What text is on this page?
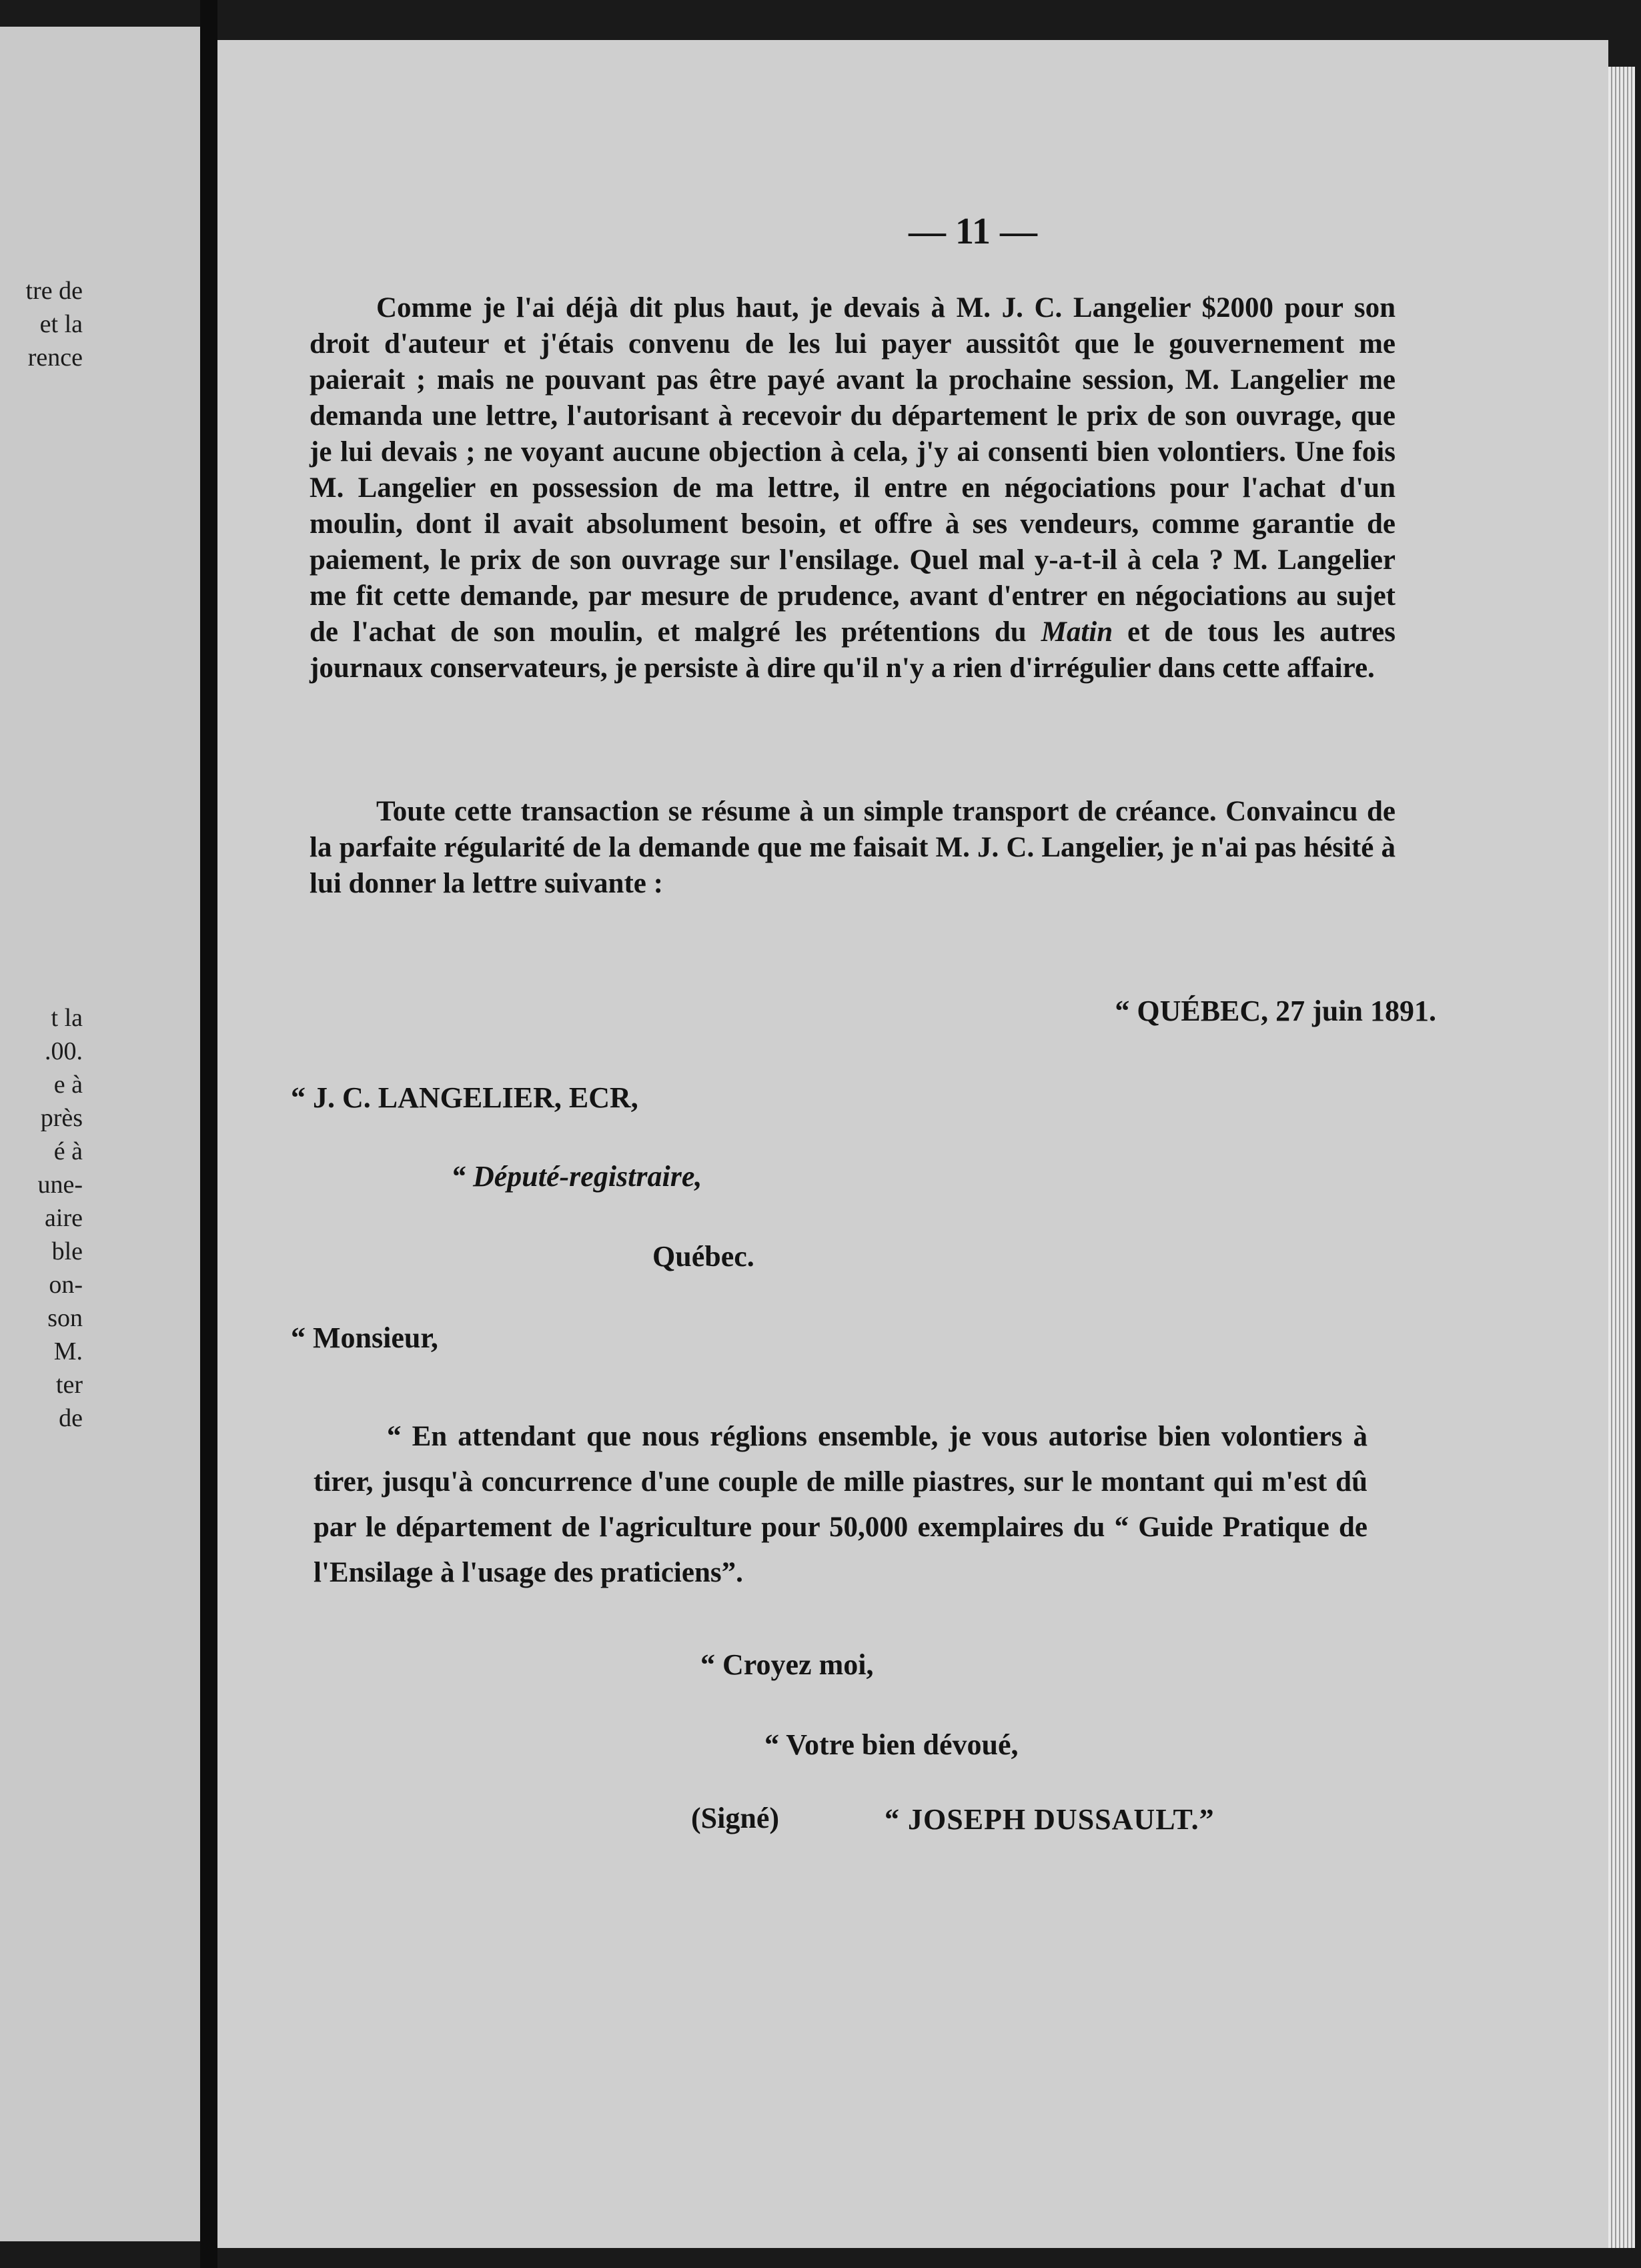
tre de

et la

rence

t la

.00.

e à

près

é à

une-

aire

ble

on-

son

M.

ter

de

— 11 —

Comme je l'ai déjà dit plus haut, je devais à M. J. C. Langelier $2000 pour son droit d'auteur et j'étais convenu de les lui payer aussitôt que le gouvernement me paierait ; mais ne pouvant pas être payé avant la prochaine session, M. Langelier me demanda une lettre, l'autorisant à recevoir du département le prix de son ouvrage, que je lui devais ; ne voyant aucune objection à cela, j'y ai consenti bien volontiers. Une fois M. Langelier en possession de ma lettre, il entre en négociations pour l'achat d'un moulin, dont il avait absolument besoin, et offre à ses vendeurs, comme garantie de paiement, le prix de son ouvrage sur l'ensilage. Quel mal y-a-t-il à cela ? M. Langelier me fit cette demande, par mesure de prudence, avant d'entrer en négociations au sujet de l'achat de son moulin, et malgré les prétentions du Matin et de tous les autres journaux conservateurs, je persiste à dire qu'il n'y a rien d'irrégulier dans cette affaire.

Toute cette transaction se résume à un simple transport de créance. Convaincu de la parfaite régularité de la demande que me faisait M. J. C. Langelier, je n'ai pas hésité à lui donner la lettre suivante :

“ QUÉBEC, 27 juin 1891.

“ J. C. LANGELIER, ECR,

“ Député-registraire,

Québec.

“ Monsieur,

“ En attendant que nous réglions ensemble, je vous autorise bien volontiers à tirer, jusqu'à concurrence d'une couple de mille piastres, sur le montant qui m'est dû par le département de l'agriculture pour 50,000 exemplaires du “ Guide Pratique de l'Ensilage à l'usage des praticiens”.

“ Croyez moi,

“ Votre bien dévoué,

(Signé)	“ JOSEPH DUSSAULT.”
